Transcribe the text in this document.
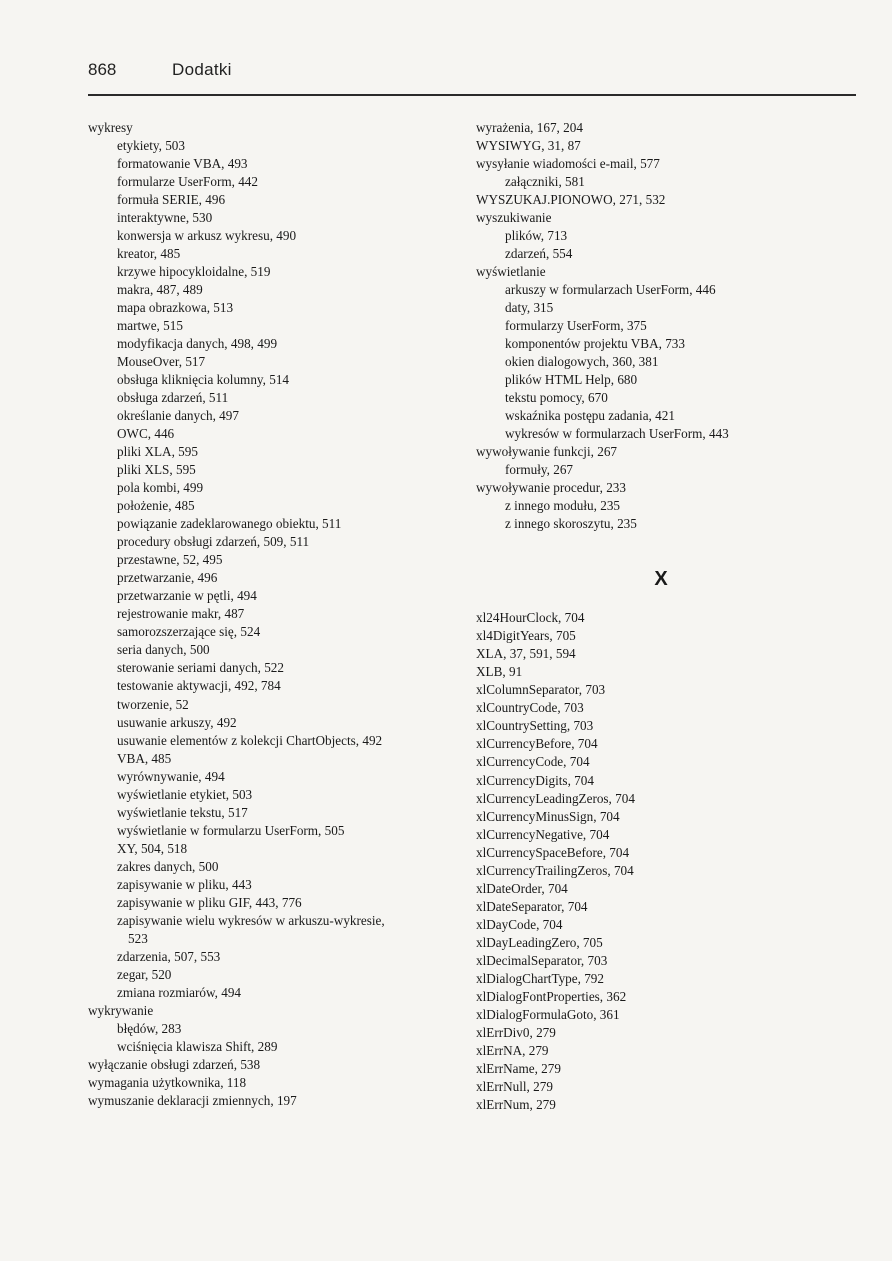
868	Dodatki
wykresy
etykiety, 503
formatowanie VBA, 493
formularze UserForm, 442
formuła SERIE, 496
interaktywne, 530
konwersja w arkusz wykresu, 490
kreator, 485
krzywe hipocykloidalne, 519
makra, 487, 489
mapa obrazkowa, 513
martwe, 515
modyfikacja danych, 498, 499
MouseOver, 517
obsługa kliknięcia kolumny, 514
obsługa zdarzeń, 511
określanie danych, 497
OWC, 446
pliki XLA, 595
pliki XLS, 595
pola kombi, 499
położenie, 485
powiązanie zadeklarowanego obiektu, 511
procedury obsługi zdarzeń, 509, 511
przestawne, 52, 495
przetwarzanie, 496
przetwarzanie w pętli, 494
rejestrowanie makr, 487
samorozszerzające się, 524
seria danych, 500
sterowanie seriami danych, 522
testowanie aktywacji, 492, 784
tworzenie, 52
usuwanie arkuszy, 492
usuwanie elementów z kolekcji ChartObjects, 492
VBA, 485
wyrównywanie, 494
wyświetlanie etykiet, 503
wyświetlanie tekstu, 517
wyświetlanie w formularzu UserForm, 505
XY, 504, 518
zakres danych, 500
zapisywanie w pliku, 443
zapisywanie w pliku GIF, 443, 776
zapisywanie wielu wykresów w arkuszu-wykresie,
523
zdarzenia, 507, 553
zegar, 520
zmiana rozmiarów, 494
wykrywanie
błędów, 283
wciśnięcia klawisza Shift, 289
wyłączanie obsługi zdarzeń, 538
wymagania użytkownika, 118
wymuszanie deklaracji zmiennych, 197
wyrażenia, 167, 204
WYSIWYG, 31, 87
wysyłanie wiadomości e-mail, 577
załączniki, 581
WYSZUKAJ.PIONOWO, 271, 532
wyszukiwanie
plików, 713
zdarzeń, 554
wyświetlanie
arkuszy w formularzach UserForm, 446
daty, 315
formularzy UserForm, 375
komponentów projektu VBA, 733
okien dialogowych, 360, 381
plików HTML Help, 680
tekstu pomocy, 670
wskaźnika postępu zadania, 421
wykresów w formularzach UserForm, 443
wywoływanie funkcji, 267
formuły, 267
wywoływanie procedur, 233
z innego modułu, 235
z innego skoroszytu, 235
X
xl24HourClock, 704
xl4DigitYears, 705
XLA, 37, 591, 594
XLB, 91
xlColumnSeparator, 703
xlCountryCode, 703
xlCountrySetting, 703
xlCurrencyBefore, 704
xlCurrencyCode, 704
xlCurrencyDigits, 704
xlCurrencyLeadingZeros, 704
xlCurrencyMinusSign, 704
xlCurrencyNegative, 704
xlCurrencySpaceBefore, 704
xlCurrencyTrailingZeros, 704
xlDateOrder, 704
xlDateSeparator, 704
xlDayCode, 704
xlDayLeadingZero, 705
xlDecimalSeparator, 703
xlDialogChartType, 792
xlDialogFontProperties, 362
xlDialogFormulaGoto, 361
xlErrDiv0, 279
xlErrNA, 279
xlErrName, 279
xlErrNull, 279
xlErrNum, 279
